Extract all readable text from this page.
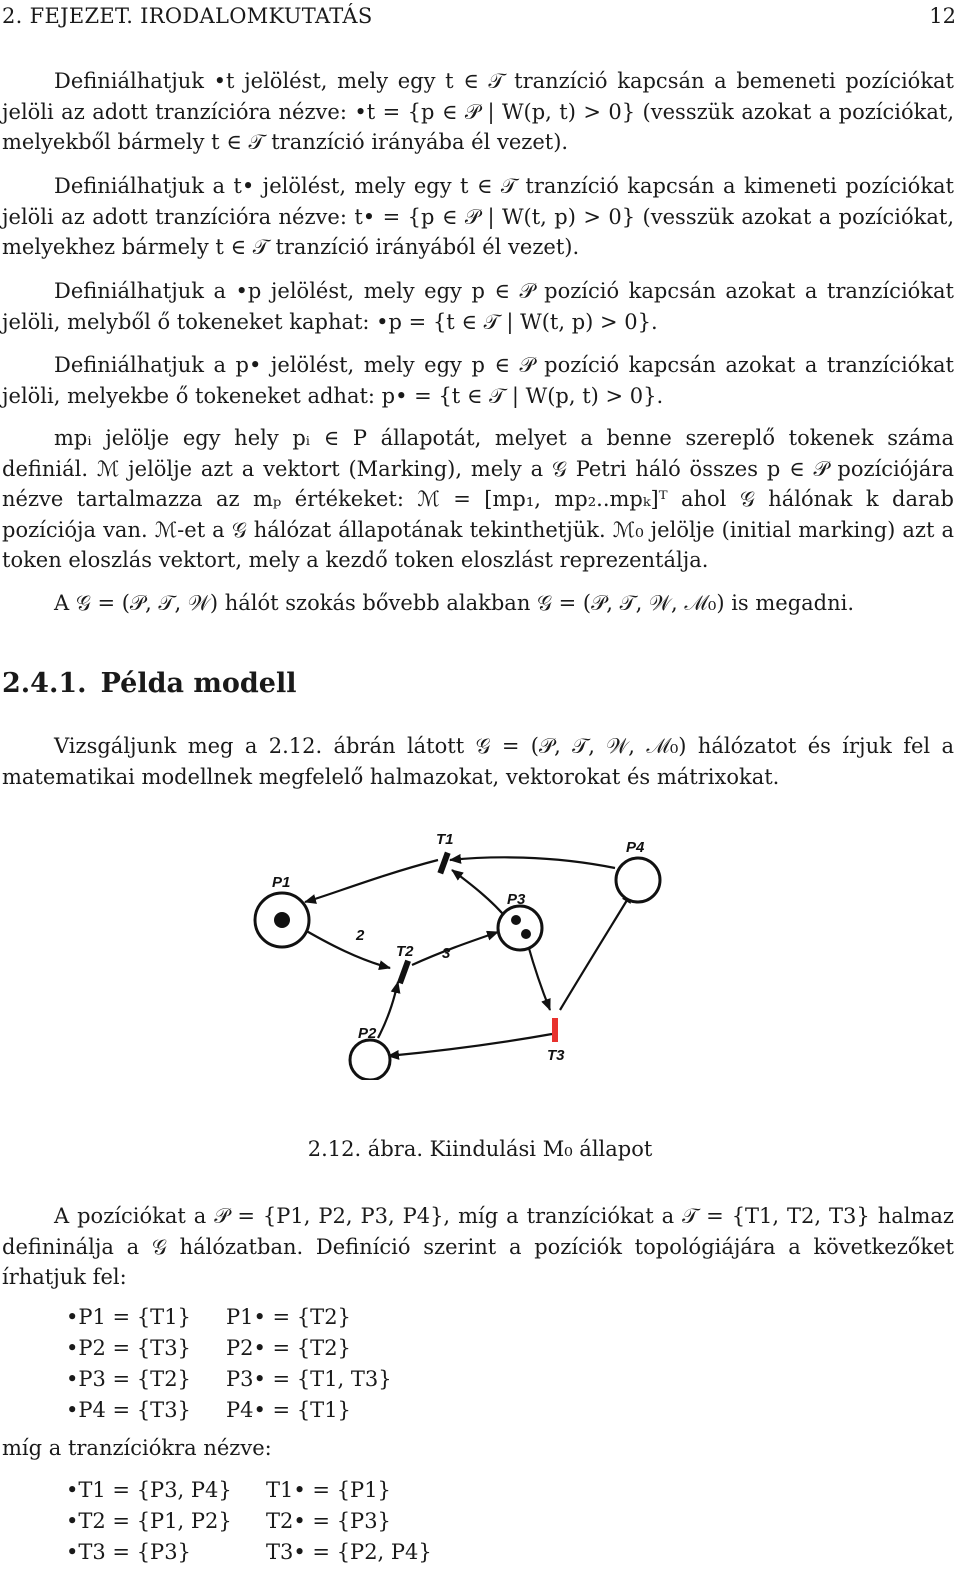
2. FEJEZET. IRODALOMKUTATÁS	12

Definiálhatjuk •t jelölést, mely egy t ∈ 𝒯 tranzíció kapcsán a bemeneti pozíciókat jelöli az adott tranzícióra nézve: •t = {p ∈ 𝒫 | W(p, t) > 0} (vesszük azokat a pozíciókat, melyekből bármely t ∈ 𝒯 tranzíció irányába él vezet).

Definiálhatjuk a t• jelölést, mely egy t ∈ 𝒯 tranzíció kapcsán a kimeneti pozíciókat jelöli az adott tranzícióra nézve: t• = {p ∈ 𝒫 | W(t, p) > 0} (vesszük azokat a pozíciókat, melyekhez bármely t ∈ 𝒯 tranzíció irányából él vezet).

Definiálhatjuk a •p jelölést, mely egy p ∈ 𝒫 pozíció kapcsán azokat a tranzíciókat jelöli, melyből ő tokeneket kaphat: •p = {t ∈ 𝒯 | W(t, p) > 0}.

Definiálhatjuk a p• jelölést, mely egy p ∈ 𝒫 pozíció kapcsán azokat a tranzíciókat jelöli, melyekbe ő tokeneket adhat: p• = {t ∈ 𝒯 | W(p, t) > 0}.

mpᵢ jelölje egy hely pᵢ ∈ P állapotát, melyet a benne szereplő tokenek száma definiál. ℳ jelölje azt a vektort (Marking), mely a 𝒢 Petri háló összes p ∈ 𝒫 pozíciójára nézve tartalmazza az mₚ értékeket: ℳ = [mp₁, mp₂..mpₖ]ᵀ ahol 𝒢 hálónak k darab pozíciója van. ℳ-et a 𝒢 hálózat állapotának tekinthetjük. ℳ₀ jelölje (initial marking) azt a token eloszlás vektort, mely a kezdő token eloszlást reprezentálja.

A 𝒢 = (𝒫, 𝒯, 𝒲) hálót szokás bővebb alakban 𝒢 = (𝒫, 𝒯, 𝒲, ℳ₀) is megadni.

2.4.1. Példa modell

Vizsgáljunk meg a 2.12. ábrán látott 𝒢 = (𝒫, 𝒯, 𝒲, ℳ₀) hálózatot és írjuk fel a matematikai modellnek megfelelő halmazokat, vektorokat és mátrixokat.

P1
P2
P3
P4
T1
T2
T3
2
3
2.12. ábra. Kiindulási M₀ állapot

A pozíciókat a 𝒫 = {P1, P2, P3, P4}, míg a tranzíciókat a 𝒯 = {T1, T2, T3} halmaz defininálja a 𝒢 hálózatban. Definíció szerint a pozíciók topológiájára a következőket írhatjuk fel:

•P1 = {T1} P1• = {T2}
•P2 = {T3} P2• = {T2}
•P3 = {T2} P3• = {T1, T3}
•P4 = {T3} P4• = {T1}
míg a tranzíciókra nézve:
•T1 = {P3, P4} T1• = {P1}
•T2 = {P1, P2} T2• = {P3}
•T3 = {P3}	T3• = {P2, P4}
